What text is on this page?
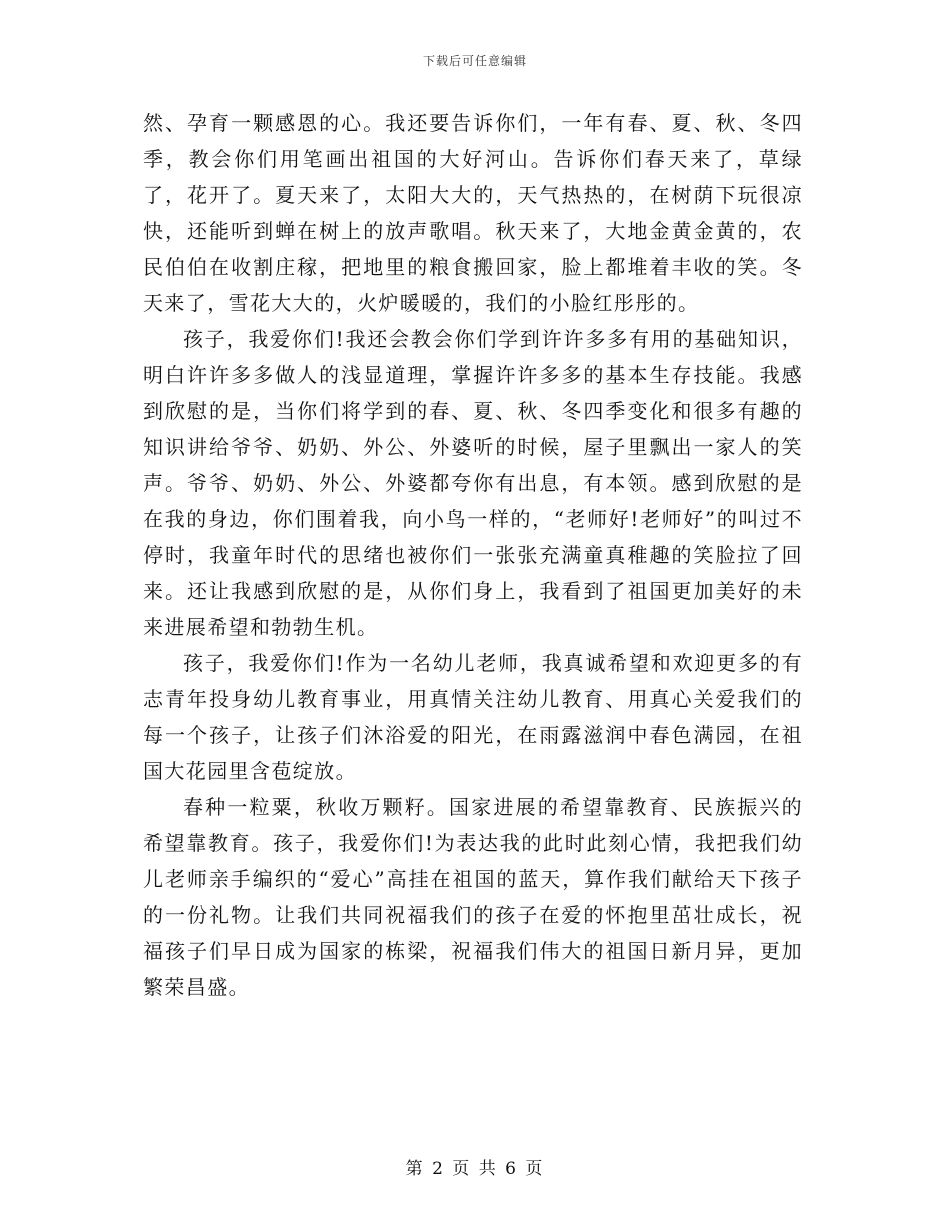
下载后可任意编辑

然、孕育一颗感恩的心。我还要告诉你们，一年有春、夏、秋、冬四季，教会你们用笔画出祖国的大好河山。告诉你们春天来了，草绿了，花开了。夏天来了，太阳大大的，天气热热的，在树荫下玩很凉快，还能听到蝉在树上的放声歌唱。秋天来了，大地金黄金黄的，农民伯伯在收割庄稼，把地里的粮食搬回家，脸上都堆着丰收的笑。冬天来了，雪花大大的，火炉暖暖的，我们的小脸红彤彤的。

孩子，我爱你们!我还会教会你们学到许许多多有用的基础知识，明白许许多多做人的浅显道理，掌握许许多多的基本生存技能。我感到欣慰的是，当你们将学到的春、夏、秋、冬四季变化和很多有趣的知识讲给爷爷、奶奶、外公、外婆听的时候，屋子里飘出一家人的笑声。爷爷、奶奶、外公、外婆都夸你有出息，有本领。感到欣慰的是在我的身边，你们围着我，向小鸟一样的，“老师好!老师好”的叫过不停时，我童年时代的思绪也被你们一张张充满童真稚趣的笑脸拉了回来。还让我感到欣慰的是，从你们身上，我看到了祖国更加美好的未来进展希望和勃勃生机。

孩子，我爱你们!作为一名幼儿老师，我真诚希望和欢迎更多的有志青年投身幼儿教育事业，用真情关注幼儿教育、用真心关爱我们的每一个孩子，让孩子们沐浴爱的阳光，在雨露滋润中春色满园，在祖国大花园里含苞绽放。

春种一粒粟，秋收万颗籽。国家进展的希望靠教育、民族振兴的希望靠教育。孩子，我爱你们!为表达我的此时此刻心情，我把我们幼儿老师亲手编织的“爱心”高挂在祖国的蓝天，算作我们献给天下孩子的一份礼物。让我们共同祝福我们的孩子在爱的怀抱里茁壮成长，祝福孩子们早日成为国家的栋梁，祝福我们伟大的祖国日新月异，更加繁荣昌盛。

第 2 页 共 6 页
